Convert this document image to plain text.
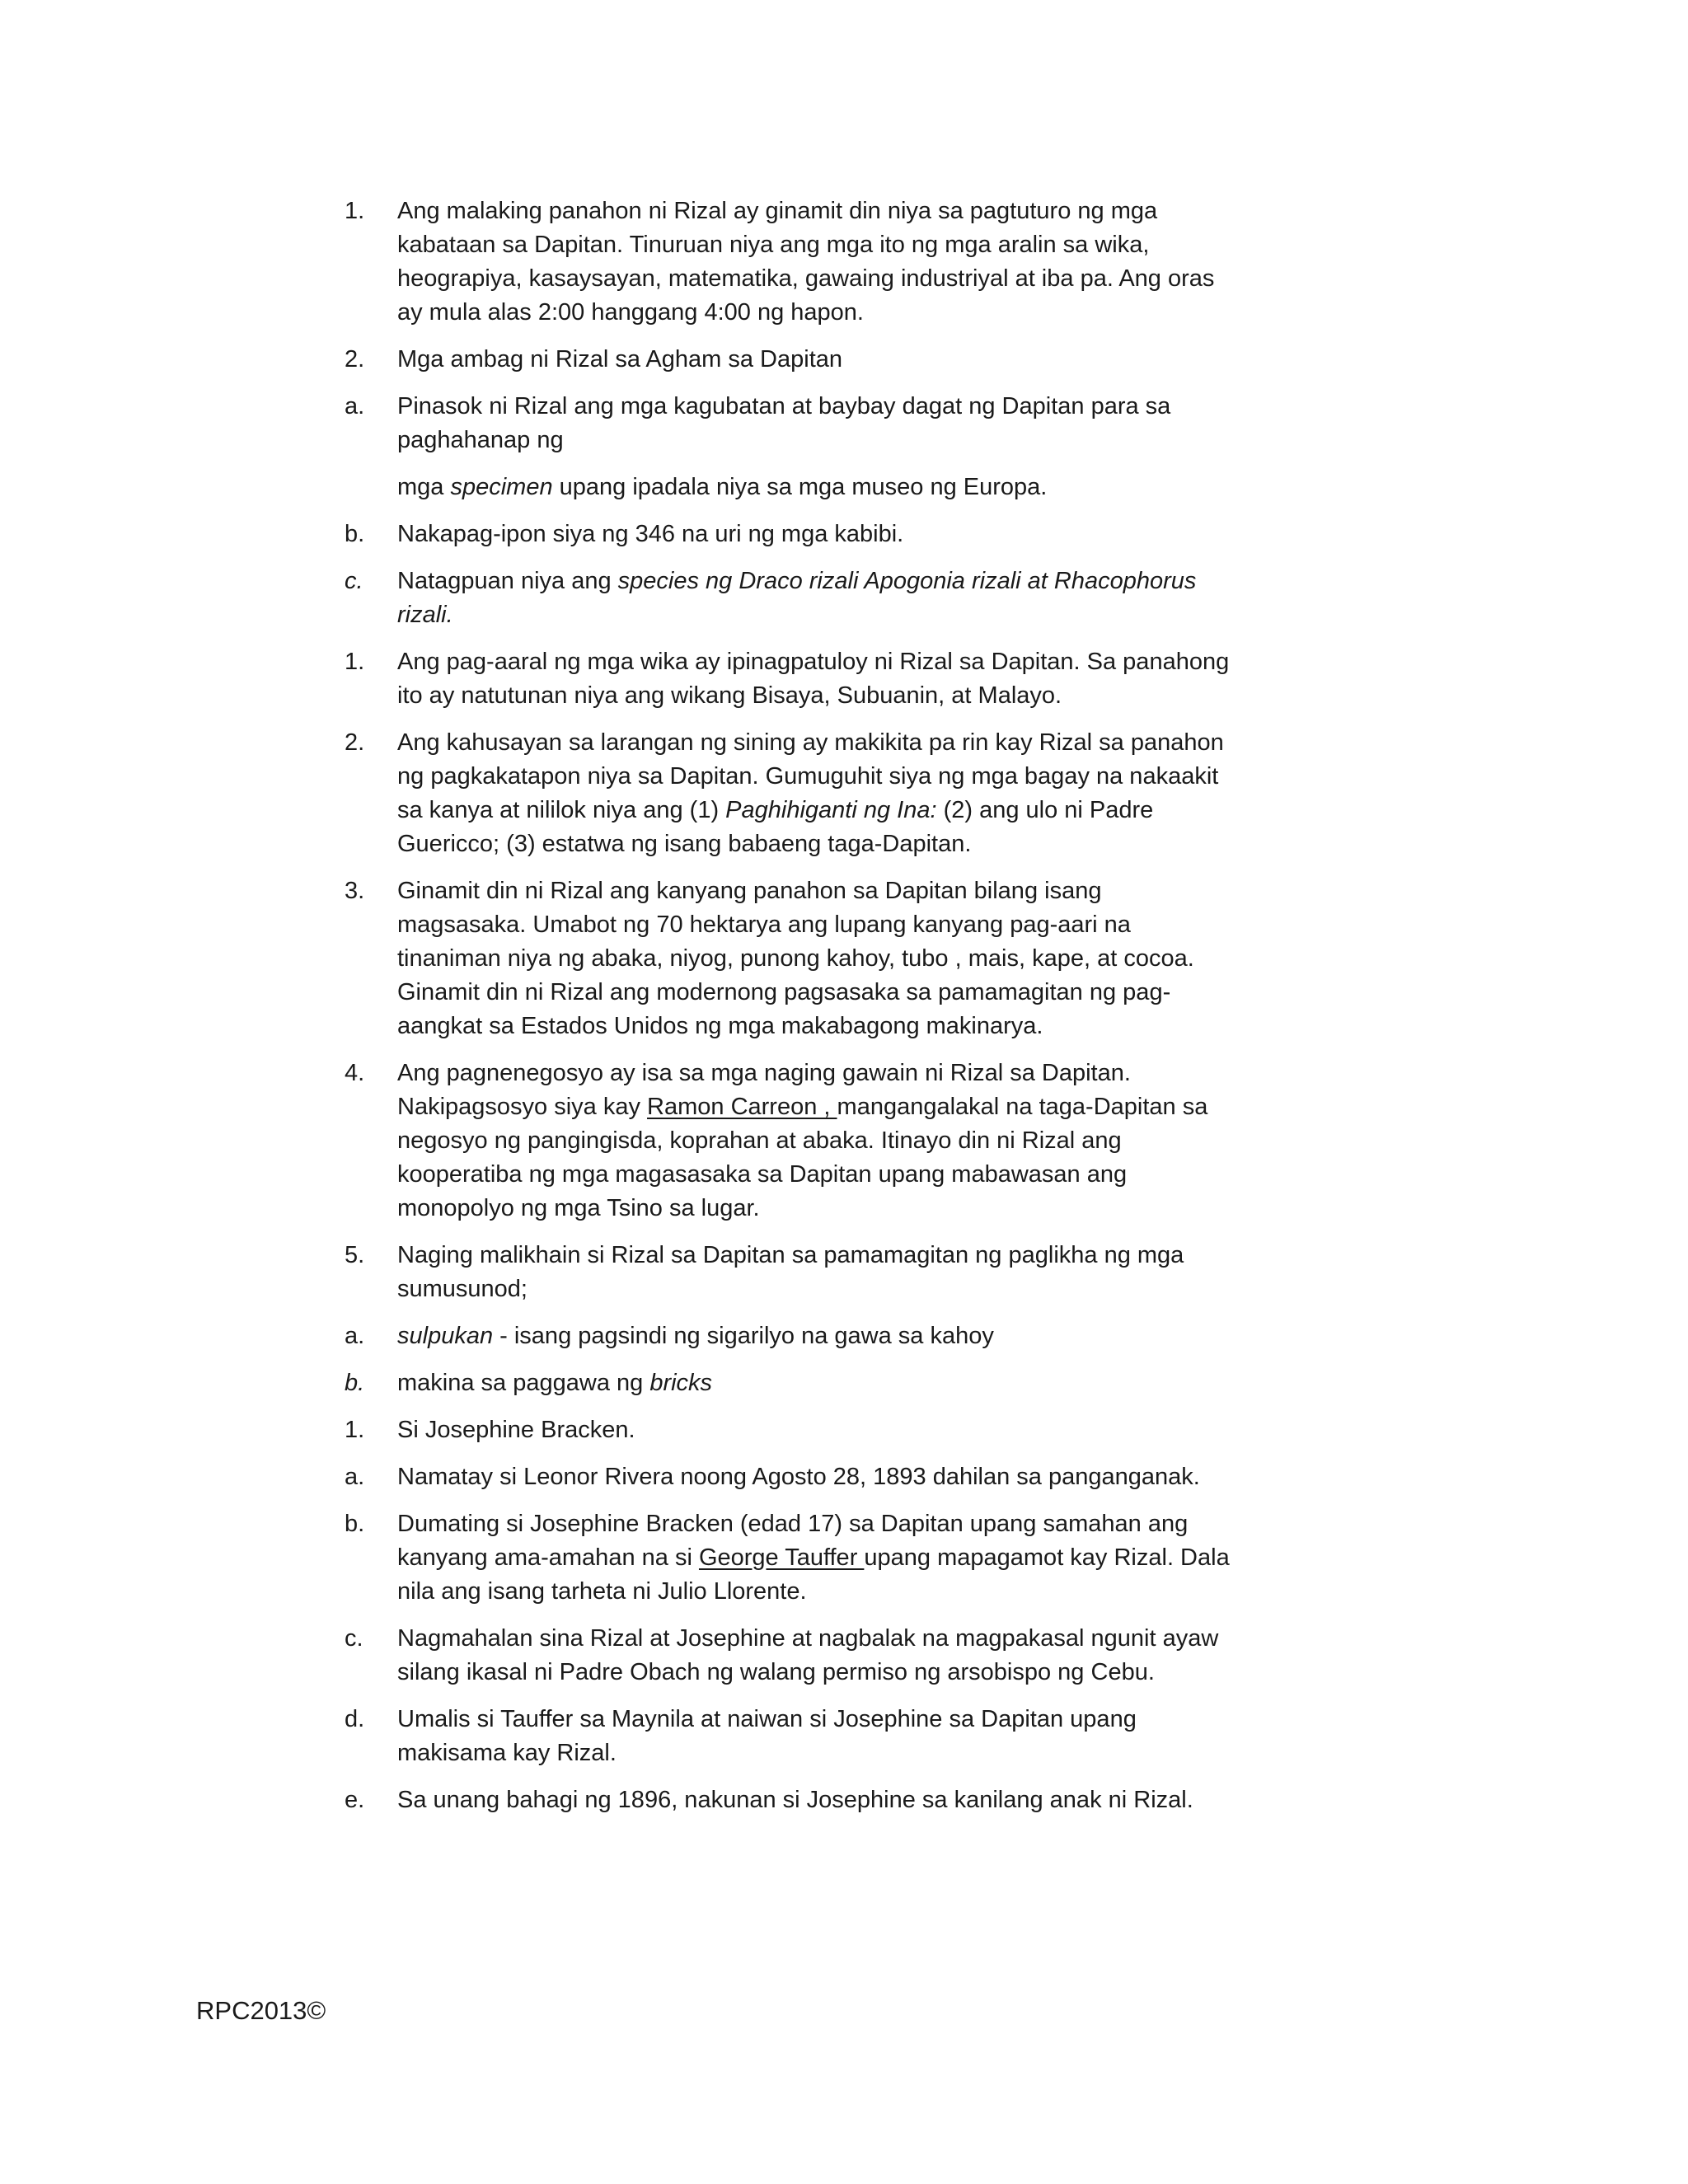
1.	Ang malaking panahon ni Rizal ay ginamit din niya sa pagtuturo ng mga kabataan sa Dapitan. Tinuruan niya ang mga ito ng mga aralin sa wika, heograpiya, kasaysayan, matematika, gawaing industriyal at iba pa. Ang oras ay mula alas 2:00 hanggang 4:00 ng hapon.
2.	Mga ambag ni Rizal sa Agham sa Dapitan
a.	Pinasok ni Rizal ang mga kagubatan at baybay dagat ng Dapitan para sa paghahanap ng
mga specimen upang ipadala niya sa mga museo ng Europa.
b.	Nakapag-ipon siya ng 346 na uri ng mga kabibi.
c.	Natagpuan niya ang species ng Draco rizali Apogonia rizali at Rhacophorus rizali.
1.	Ang pag-aaral ng mga wika ay ipinagpatuloy ni Rizal sa Dapitan. Sa panahong ito ay natutunan niya ang wikang Bisaya, Subuanin, at Malayo.
2.	Ang kahusayan sa larangan ng sining ay makikita pa rin kay Rizal sa panahon ng pagkakatapon niya sa Dapitan. Gumuguhit siya ng mga bagay na nakaakit sa kanya at nililok niya ang (1) Paghihiganti ng Ina: (2) ang ulo ni Padre Guericco; (3) estatwa ng isang babaeng taga-Dapitan.
3.	Ginamit din ni Rizal ang kanyang panahon sa Dapitan bilang isang magsasaka. Umabot ng 70 hektarya ang lupang kanyang pag-aari na tinaniman niya ng abaka, niyog, punong kahoy, tubo , mais, kape, at cocoa. Ginamit din ni Rizal ang modernong pagsasaka sa pamamagitan ng pag-aangkat sa Estados Unidos ng mga makabagong makinarya.
4.	Ang pagnenegosyo ay isa sa mga naging gawain ni Rizal sa Dapitan. Nakipagsosyo siya kay Ramon Carreon , mangangalakal na taga-Dapitan sa negosyo ng pangingisda, koprahan at abaka. Itinayo din ni Rizal ang kooperatiba ng mga magasasaka sa Dapitan upang mabawasan ang monopolyo ng mga Tsino sa lugar.
5.	Naging malikhain si Rizal sa Dapitan sa pamamagitan ng paglikha ng mga sumusunod;
a.	sulpukan - isang pagsindi ng sigarilyo na gawa sa kahoy
b.	makina sa paggawa ng bricks
1.	Si Josephine Bracken.
a.	Namatay si Leonor Rivera noong Agosto 28, 1893 dahilan sa panganganak.
b.	Dumating si Josephine Bracken (edad 17) sa Dapitan upang samahan ang kanyang ama-amahan na si George Tauffer upang mapagamot kay Rizal. Dala nila ang isang tarheta ni Julio Llorente.
c.	Nagmahalan sina Rizal at Josephine at nagbalak na magpakasal ngunit ayaw silang ikasal ni Padre Obach ng walang permiso ng arsobispo ng Cebu.
d.	Umalis si Tauffer sa Maynila at naiwan si Josephine sa Dapitan upang makisama kay Rizal.
e.	Sa unang bahagi ng 1896, nakunan si Josephine sa kanilang anak ni Rizal.
RPC2013©
